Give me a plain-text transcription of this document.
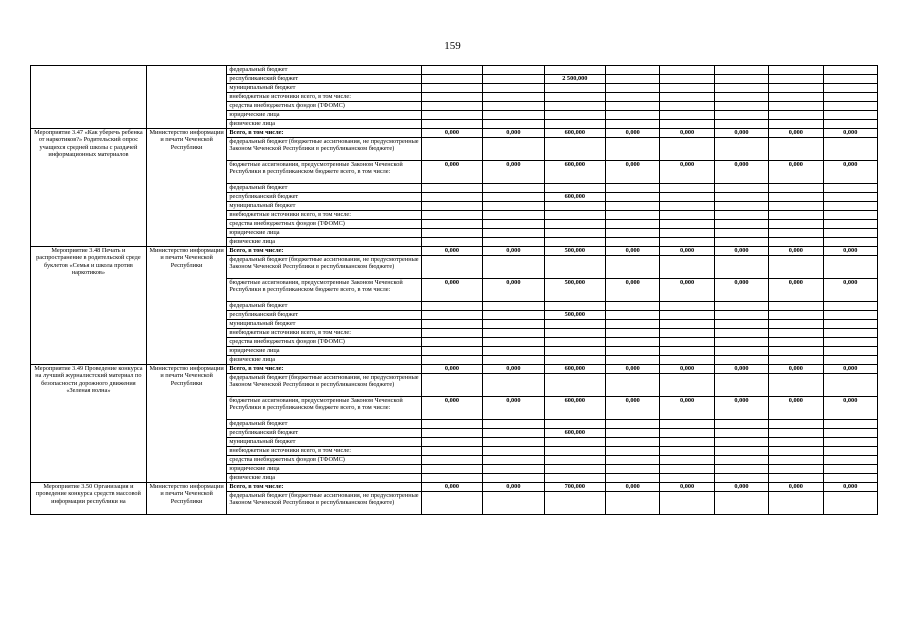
159
		федеральный бюджет								
		республиканский бюджет			2 500,000					
		муниципальный бюджет								
		внебюджетные источники всего, в том числе:								
		средства внебюджетных фондов (ТФОМС)								
		юридические лица								
		физические лица								
Мероприятие 3.47 «Как уберечь ребенка от наркотиков?» Родительский опрос учащихся средней школы с раздачей информационных материалов	Министерство информации и печати Чеченской Республики	Всего, в том числе:	0,000	0,000	600,000	0,000	0,000	0,000	0,000	0,000
		федеральный бюджет (бюджетные ассигнования, не предусмотренные Законом Чеченской Республики в республиканском бюджете)								
		бюджетные ассигнования, предусмотренные Законом Чеченской Республики в республиканском бюджете всего, в том числе:	0,000	0,000	600,000	0,000	0,000	0,000	0,000	0,000
		федеральный бюджет								
		республиканский бюджет			600,000					
		муниципальный бюджет								
		внебюджетные источники всего, в том числе:								
		средства внебюджетных фондов (ТФОМС)								
		юридические лица								
		физические лица								
Мероприятие 3.48 Печать и распространение в родительской среде буклетов «Семья и школа против наркотиков»	Министерство информации и печати Чеченской Республики	Всего, в том числе:	0,000	0,000	500,000	0,000	0,000	0,000	0,000	0,000
		федеральный бюджет (бюджетные ассигнования, не предусмотренные Законом Чеченской Республики в республиканском бюджете)								
		бюджетные ассигнования, предусмотренные Законом Чеченской Республики в республиканском бюджете всего, в том числе:	0,000	0,000	500,000	0,000	0,000	0,000	0,000	0,000
		федеральный бюджет								
		республиканский бюджет			500,000					
		муниципальный бюджет								
		внебюджетные источники всего, в том числе:								
		средства внебюджетных фондов (ТФОМС)								
		юридические лица								
		физические лица								
Мероприятие 3.49 Проведение конкурса на лучший журналистский материал по безопасности дорожного движения «Зеленая волна»	Министерство информации и печати Чеченской Республики	Всего, в том числе:	0,000	0,000	600,000	0,000	0,000	0,000	0,000	0,000
		федеральный бюджет (бюджетные ассигнования, не предусмотренные Законом Чеченской Республики в республиканском бюджете)								
		бюджетные ассигнования, предусмотренные Законом Чеченской Республики в республиканском бюджете всего, в том числе:	0,000	0,000	600,000	0,000	0,000	0,000	0,000	0,000
		федеральный бюджет								
		республиканский бюджет			600,000					
		муниципальный бюджет								
		внебюджетные источники всего, в том числе:								
		средства внебюджетных фондов (ТФОМС)								
		юридические лица								
		физические лица								
Мероприятие 3.50 Организация и проведение конкурса средств массовой информации республики на	Министерство информации и печати Чеченской Республики	Всего, в том числе:	0,000	0,000	700,000	0,000	0,000	0,000	0,000	0,000
		федеральный бюджет (бюджетные ассигнования, не предусмотренные Законом Чеченской Республики в республиканском бюджете)								
